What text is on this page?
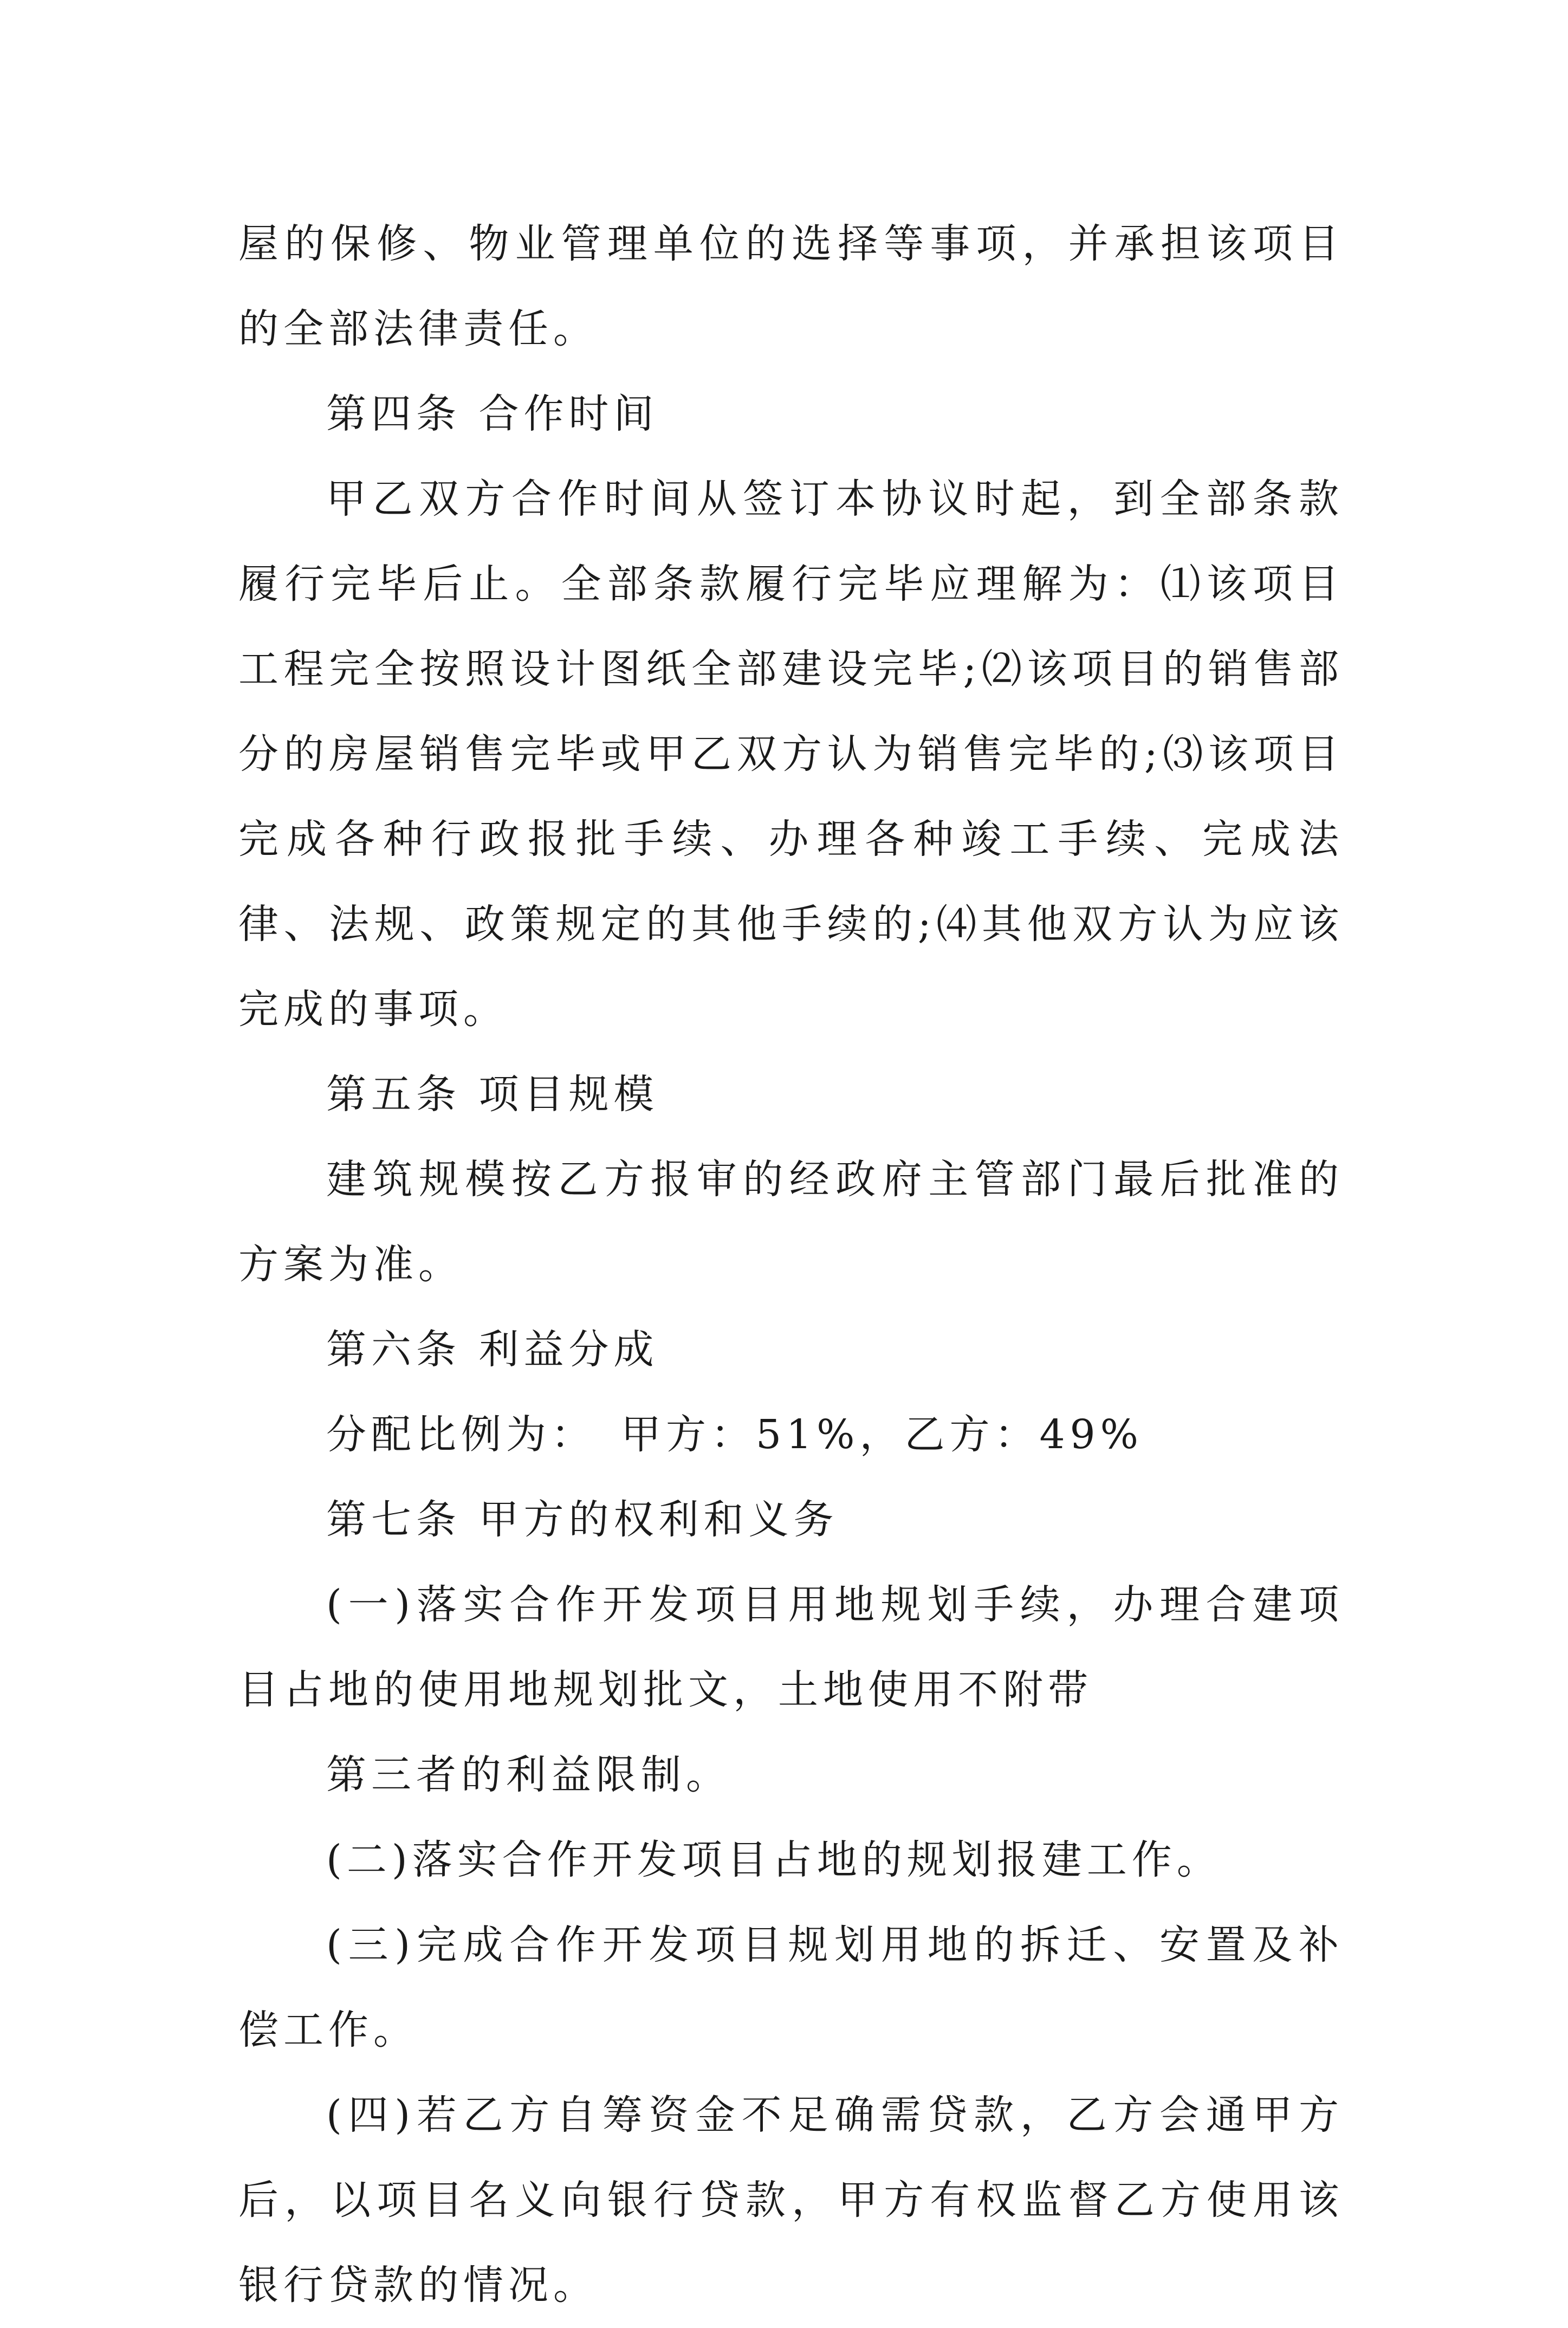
屋的保修、物业管理单位的选择等事项，并承担该项目的全部法律责任。

第四条 合作时间

甲乙双方合作时间从签订本协议时起，到全部条款履行完毕后止。全部条款履行完毕应理解为：⑴该项目工程完全按照设计图纸全部建设完毕;⑵该项目的销售部分的房屋销售完毕或甲乙双方认为销售完毕的;⑶该项目完成各种行政报批手续、办理各种竣工手续、完成法律、法规、政策规定的其他手续的;⑷其他双方认为应该完成的事项。

第五条 项目规模

建筑规模按乙方报审的经政府主管部门最后批准的方案为准。

第六条 利益分成

分配比例为：　甲方：51%，乙方：49%

第七条 甲方的权利和义务

(一)落实合作开发项目用地规划手续，办理合建项目占地的使用地规划批文，土地使用不附带

第三者的利益限制。

(二)落实合作开发项目占地的规划报建工作。

(三)完成合作开发项目规划用地的拆迁、安置及补偿工作。

(四)若乙方自筹资金不足确需贷款，乙方会通甲方后，以项目名义向银行贷款，甲方有权监督乙方使用该银行贷款的情况。
